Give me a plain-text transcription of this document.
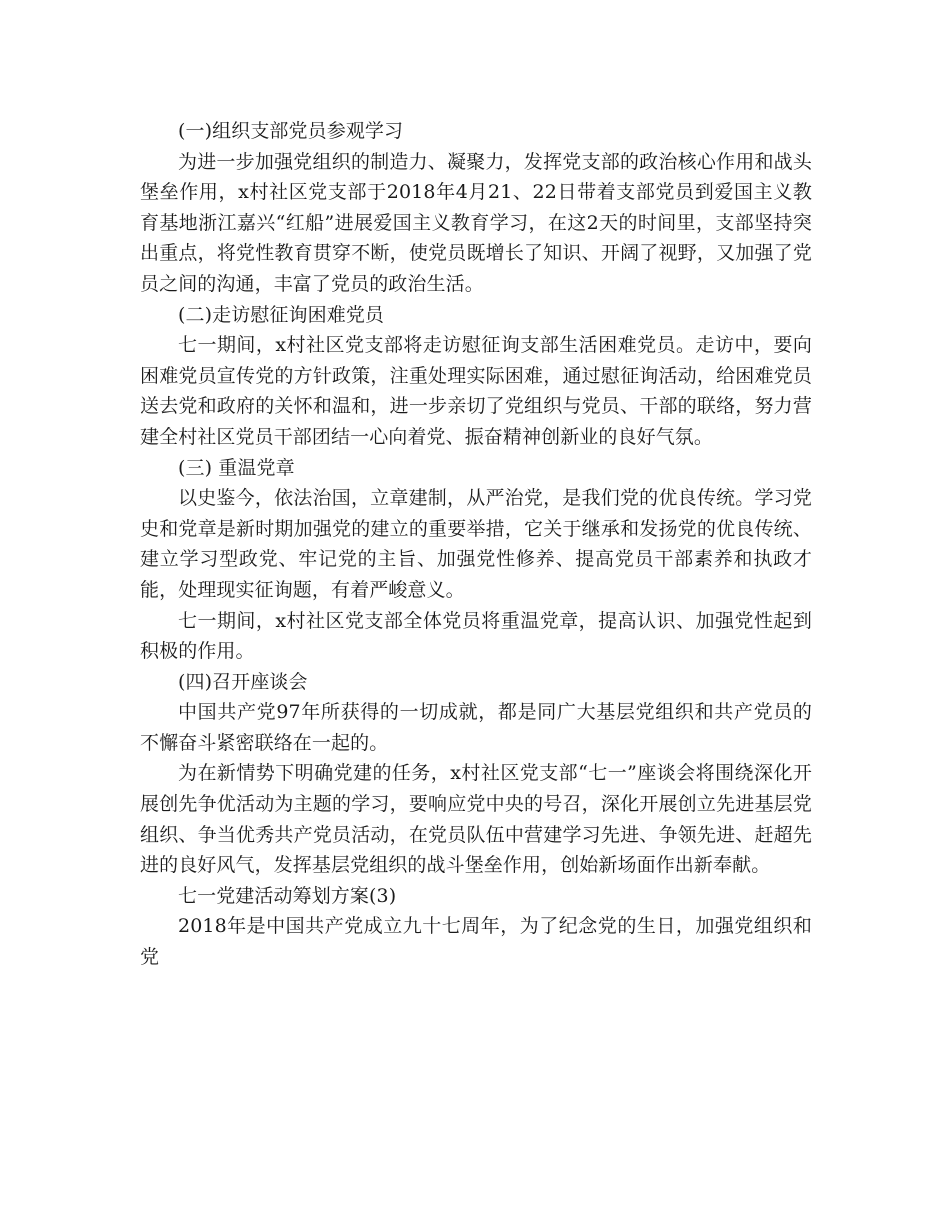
(一)组织支部党员参观学习

为进一步加强党组织的制造力、凝聚力，发挥党支部的政治核心作用和战头堡垒作用，x村社区党支部于2018年4月21、22日带着支部党员到爱国主义教育基地浙江嘉兴“红船”进展爱国主义教育学习，在这2天的时间里，支部坚持突出重点，将党性教育贯穿不断，使党员既增长了知识、开阔了视野，又加强了党员之间的沟通，丰富了党员的政治生活。

(二)走访慰征询困难党员

七一期间，x村社区党支部将走访慰征询支部生活困难党员。走访中，要向困难党员宣传党的方针政策，注重处理实际困难，通过慰征询活动，给困难党员送去党和政府的关怀和温和，进一步亲切了党组织与党员、干部的联络，努力营建全村社区党员干部团结一心向着党、振奋精神创新业的良好气氛。

(三) 重温党章

以史鉴今，依法治国，立章建制，从严治党，是我们党的优良传统。学习党史和党章是新时期加强党的建立的重要举措，它关于继承和发扬党的优良传统、建立学习型政党、牢记党的主旨、加强党性修养、提高党员干部素养和执政才能，处理现实征询题，有着严峻意义。

七一期间，x村社区党支部全体党员将重温党章，提高认识、加强党性起到积极的作用。

(四)召开座谈会

中国共产党97年所获得的一切成就，都是同广大基层党组织和共产党员的不懈奋斗紧密联络在一起的。

为在新情势下明确党建的任务，x村社区党支部“七一”座谈会将围绕深化开展创先争优活动为主题的学习，要响应党中央的号召，深化开展创立先进基层党组织、争当优秀共产党员活动，在党员队伍中营建学习先进、争领先进、赶超先进的良好风气，发挥基层党组织的战斗堡垒作用，创始新场面作出新奉献。

七一党建活动筹划方案(3)

2018年是中国共产党成立九十七周年，为了纪念党的生日，加强党组织和党
